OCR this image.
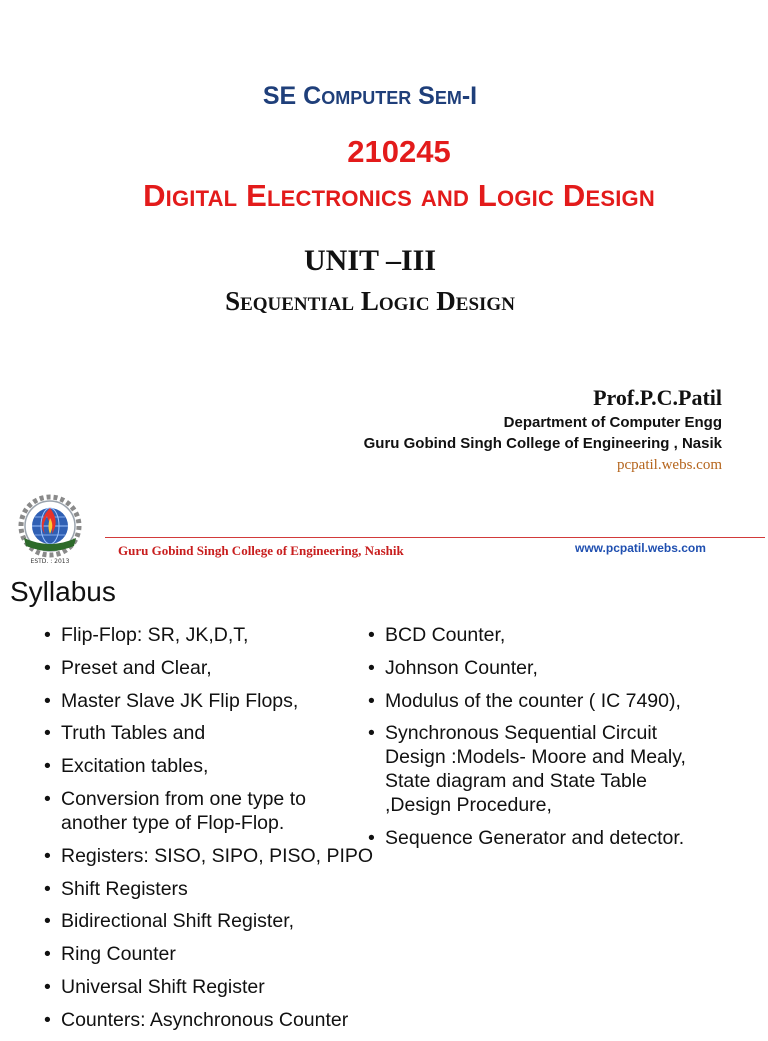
SE Computer Sem-I
210245
Digital Electronics and Logic Design
UNIT –III
Sequential Logic Design
Prof.P.C.Patil
Department of Computer Engg
Guru Gobind Singh College of Engineering , Nasik
pcpatil.webs.com
ESTD. : 2013
Guru Gobind Singh College of Engineering, Nashik	www.pcpatil.webs.com
Syllabus
• Flip-Flop: SR, JK,D,T,
• Preset and Clear,
• Master Slave JK Flip Flops,
• Truth Tables and
• Excitation tables,
• Conversion from one type to another type of Flop-Flop.
• Registers: SISO, SIPO, PISO, PIPO
• Shift Registers
• Bidirectional Shift Register,
• Ring Counter
• Universal Shift Register
• Counters: Asynchronous Counter
• BCD Counter,
• Johnson Counter,
• Modulus of the counter ( IC 7490),
• Synchronous Sequential Circuit Design :Models- Moore and Mealy, State diagram and State Table ,Design Procedure,
• Sequence Generator and detector.
